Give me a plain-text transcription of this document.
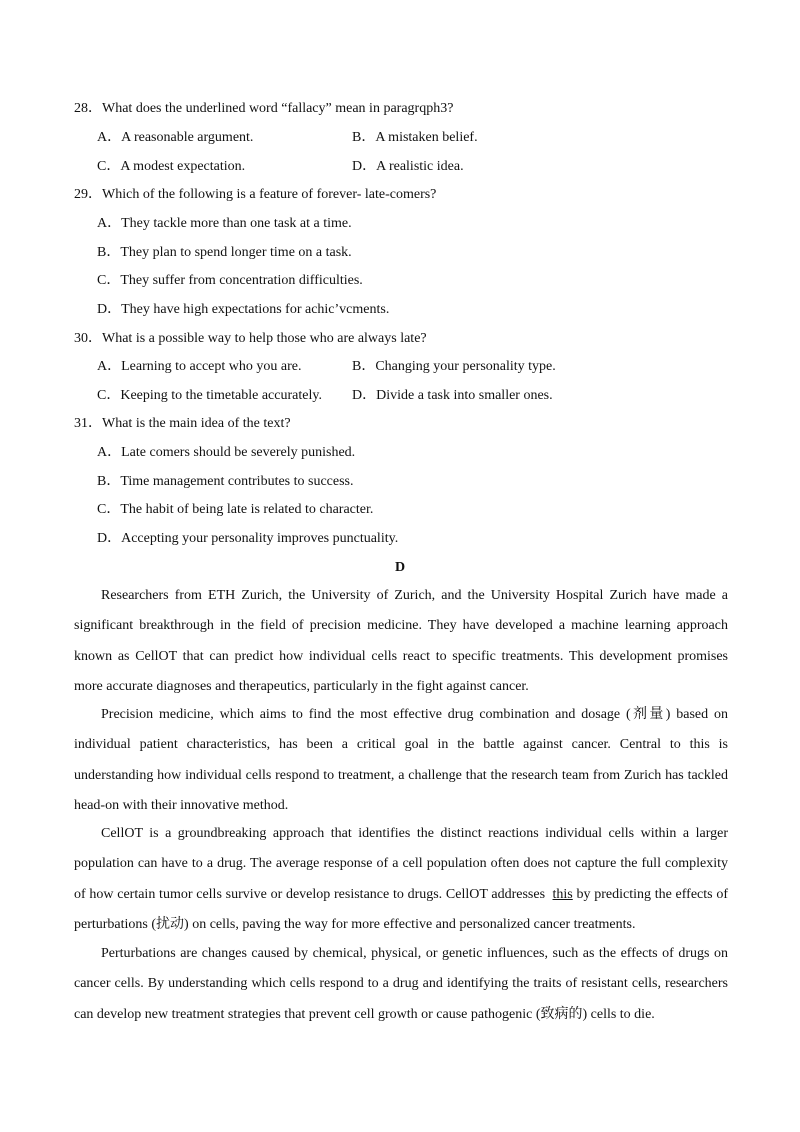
28．What does the underlined word “fallacy” mean in paragrqph3?
A．A reasonable argument.	B．A mistaken belief.
C．A modest expectation.	D．A realistic idea.
29．Which of the following is a feature of forever- late-comers?
A．They tackle more than one task at a time.
B．They plan to spend longer time on a task.
C．They suffer from concentration difficulties.
D．They have high expectations for achic’vcments.
30．What is a possible way to help those who are always late?
A．Learning to accept who you are.	B．Changing your personality type.
C．Keeping to the timetable accurately. D．Divide a task into smaller ones.
31．What is the main idea of the text?
A．Late comers should be severely punished.
B．Time management contributes to success.
C．The habit of being late is related to character.
D．Accepting your personality improves punctuality.
D
Researchers from ETH Zurich, the University of Zurich, and the University Hospital Zurich have made a
significant breakthrough in the field of precision medicine. They have developed a machine learning approach
known as CellOT that can predict how individual cells react to specific treatments. This development promises
more accurate diagnoses and therapeutics, particularly in the fight against cancer.
Precision medicine, which aims to find the most effective drug combination and dosage (剂量) based on
individual patient characteristics, has been a critical goal in the battle against cancer. Central to this is
understanding how individual cells respond to treatment, a challenge that the research team from Zurich has tackled
head-on with their innovative method.
CellOT is a groundbreaking approach that identifies the distinct reactions individual cells within a larger
population can have to a drug. The average response of a cell population often does not capture the full complexity
of how certain tumor cells survive or develop resistance to drugs. CellOT addresses this by predicting the effects of
perturbations (扰动) on cells, paving the way for more effective and personalized cancer treatments.
Perturbations are changes caused by chemical, physical, or genetic influences, such as the effects of drugs on
cancer cells. By understanding which cells respond to a drug and identifying the traits of resistant cells, researchers
can develop new treatment strategies that prevent cell growth or cause pathogenic (致病的) cells to die.
